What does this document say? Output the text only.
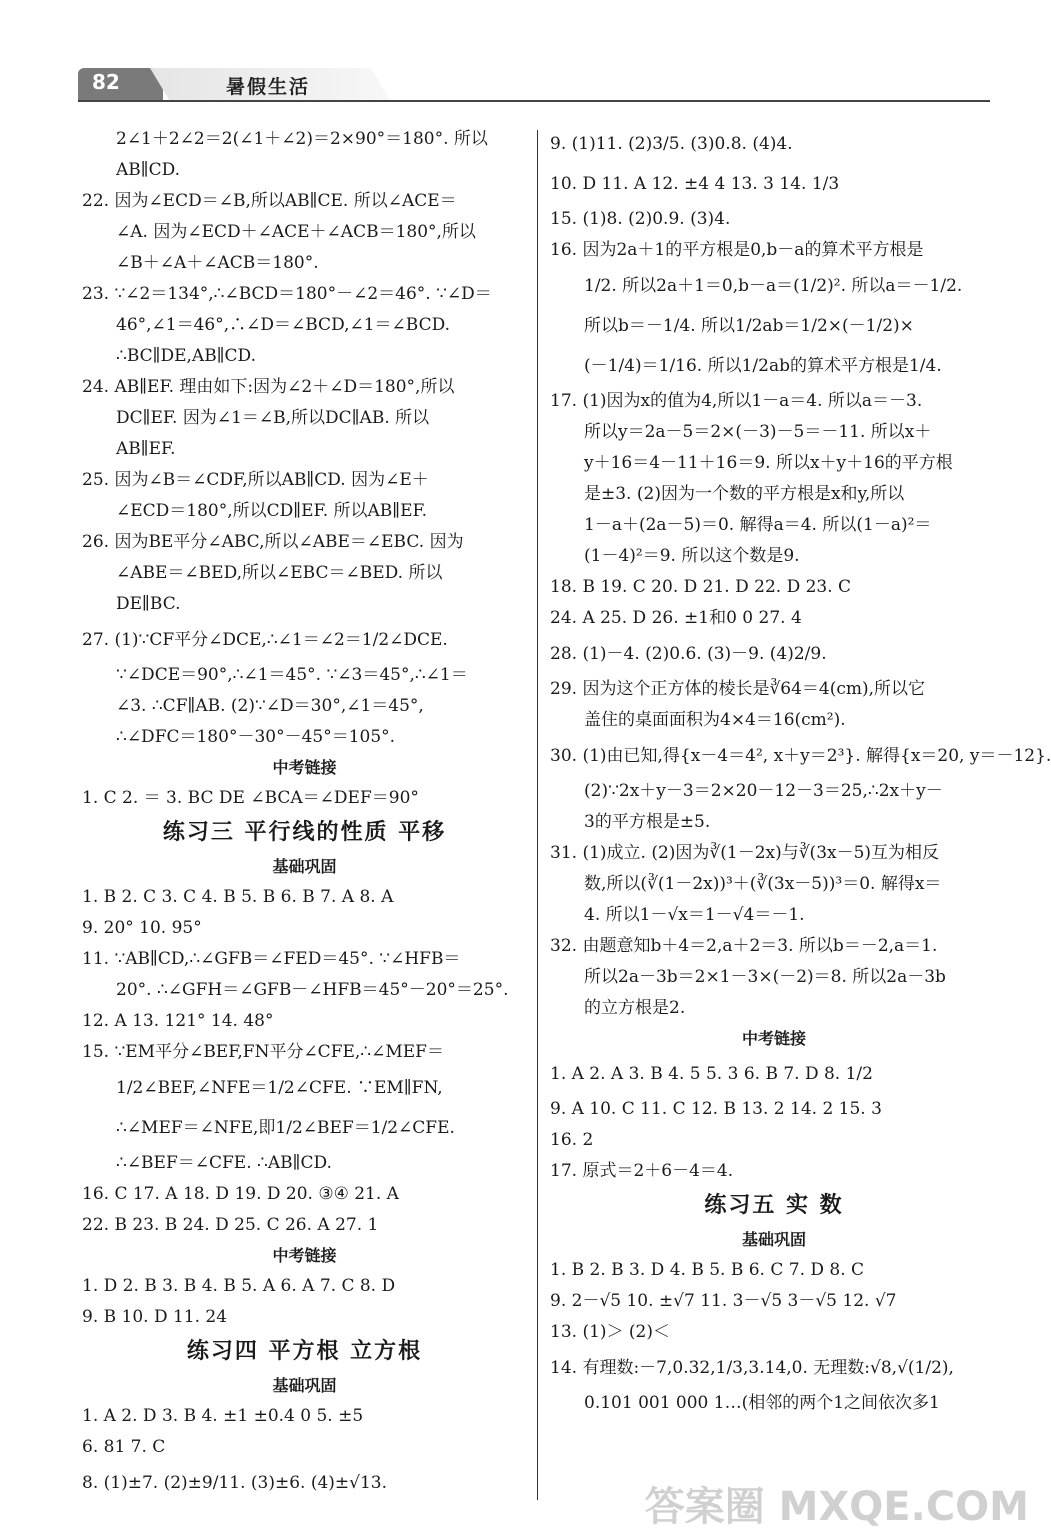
82	暑假生活
2∠1＋2∠2＝2(∠1＋∠2)＝2×90°＝180°. 所以
AB∥CD.
22. 因为∠ECD＝∠B,所以AB∥CE. 所以∠ACE＝
∠A. 因为∠ECD＋∠ACE＋∠ACB＝180°,所以
∠B＋∠A＋∠ACB＝180°.
23. ∵∠2＝134°,∴∠BCD＝180°－∠2＝46°. ∵∠D＝
46°,∠1＝46°,∴∠D＝∠BCD,∠1＝∠BCD.
∴BC∥DE,AB∥CD.
24. AB∥EF. 理由如下:因为∠2＋∠D＝180°,所以
DC∥EF. 因为∠1＝∠B,所以DC∥AB. 所以
AB∥EF.
25. 因为∠B＝∠CDF,所以AB∥CD. 因为∠E＋
∠ECD＝180°,所以CD∥EF. 所以AB∥EF.
26. 因为BE平分∠ABC,所以∠ABE＝∠EBC. 因为
∠ABE＝∠BED,所以∠EBC＝∠BED. 所以
DE∥BC.
27. (1)∵CF平分∠DCE,∴∠1＝∠2＝1/2∠DCE.
∵∠DCE＝90°,∴∠1＝45°. ∵∠3＝45°,∴∠1＝
∠3. ∴CF∥AB. (2)∵∠D＝30°,∠1＝45°,
∴∠DFC＝180°－30°－45°＝105°.
中考链接
1. C 2. ＝ 3. BC DE ∠BCA＝∠DEF＝90°
练习三 平行线的性质 平移
基础巩固
1. B 2. C 3. C 4. B 5. B 6. B 7. A 8. A
9. 20° 10. 95°
11. ∵AB∥CD,∴∠GFB＝∠FED＝45°. ∵∠HFB＝
20°. ∴∠GFH＝∠GFB－∠HFB＝45°－20°＝25°.
12. A 13. 121° 14. 48°
15. ∵EM平分∠BEF,FN平分∠CFE,∴∠MEF＝
1/2∠BEF,∠NFE＝1/2∠CFE. ∵EM∥FN,
∴∠MEF＝∠NFE,即1/2∠BEF＝1/2∠CFE.
∴∠BEF＝∠CFE. ∴AB∥CD.
16. C 17. A 18. D 19. D 20. ③④ 21. A
22. B 23. B 24. D 25. C 26. A 27. 1
中考链接
1. D 2. B 3. B 4. B 5. A 6. A 7. C 8. D
9. B 10. D 11. 24
练习四 平方根 立方根
基础巩固
1. A 2. D 3. B 4. ±1 ±0.4 0 5. ±5
6. 81 7. C
8. (1)±7. (2)±9/11. (3)±6. (4)±√13.
9. (1)11. (2)3/5. (3)0.8. (4)4.
10. D 11. A 12. ±4 4 13. 3 14. 1/3
15. (1)8. (2)0.9. (3)4.
16. 因为2a＋1的平方根是0,b－a的算术平方根是
1/2. 所以2a＋1＝0,b－a＝(1/2)². 所以a＝－1/2.
所以b＝－1/4. 所以1/2ab＝1/2×(－1/2)×
(－1/4)＝1/16. 所以1/2ab的算术平方根是1/4.
17. (1)因为x的值为4,所以1－a＝4. 所以a＝－3.
所以y＝2a－5＝2×(－3)－5＝－11. 所以x＋
y＋16＝4－11＋16＝9. 所以x＋y＋16的平方根
是±3. (2)因为一个数的平方根是x和y,所以
1－a＋(2a－5)＝0. 解得a＝4. 所以(1－a)²＝
(1－4)²＝9. 所以这个数是9.
18. B 19. C 20. D 21. D 22. D 23. C
24. A 25. D 26. ±1和0 0 27. 4
28. (1)－4. (2)0.6. (3)－9. (4)2/9.
29. 因为这个正方体的棱长是∛64＝4(cm),所以它
盖住的桌面面积为4×4＝16(cm²).
30. (1)由已知,得{x－4＝4², x＋y＝2³}. 解得{x＝20, y＝－12}.
(2)∵2x＋y－3＝2×20－12－3＝25,∴2x＋y－
3的平方根是±5.
31. (1)成立. (2)因为∛(1－2x)与∛(3x－5)互为相反
数,所以(∛(1－2x))³＋(∛(3x－5))³＝0. 解得x＝
4. 所以1－√x＝1－√4＝－1.
32. 由题意知b＋4＝2,a＋2＝3. 所以b＝－2,a＝1.
所以2a－3b＝2×1－3×(－2)＝8. 所以2a－3b
的立方根是2.
中考链接
1. A 2. A 3. B 4. 5 5. 3 6. B 7. D 8. 1/2
9. A 10. C 11. C 12. B 13. 2 14. 2 15. 3
16. 2
17. 原式＝2＋6－4＝4.
练习五 实 数
基础巩固
1. B 2. B 3. D 4. B 5. B 6. C 7. D 8. C
9. 2－√5 10. ±√7 11. 3－√5 3－√5 12. √7
13. (1)＞ (2)＜
14. 有理数:－7,0.32,1/3,3.14,0. 无理数:√8,√(1/2),
0.101 001 000 1…(相邻的两个1之间依次多1
答案圈 MXQE.COM
